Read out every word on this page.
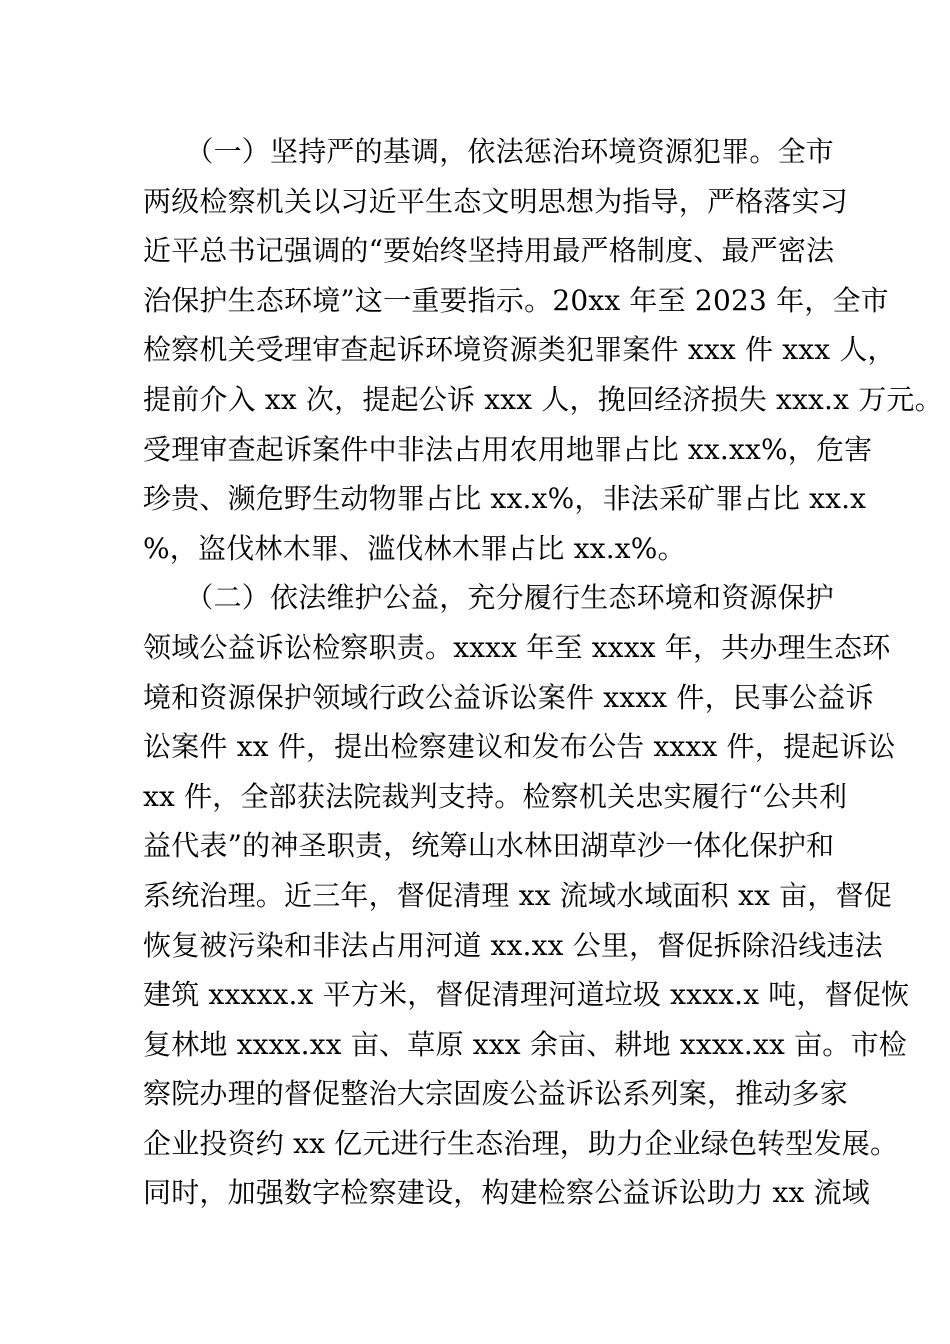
　　（一）坚持严的基调，依法惩治环境资源犯罪。全市
两级检察机关以习近平生态文明思想为指导，严格落实习
近平总书记强调的“要始终坚持用最严格制度、最严密法
治保护生态环境”这一重要指示。20xx 年至 2023 年，全市
检察机关受理审查起诉环境资源类犯罪案件 xxx 件 xxx 人，
提前介入 xx 次，提起公诉 xxx 人，挽回经济损失 xxx.x 万元。
受理审查起诉案件中非法占用农用地罪占比 xx.xx%，危害
珍贵、濒危野生动物罪占比 xx.x%，非法采矿罪占比 xx.x
%，盗伐林木罪、滥伐林木罪占比 xx.x%。
　　（二）依法维护公益，充分履行生态环境和资源保护
领域公益诉讼检察职责。xxxx 年至 xxxx 年，共办理生态环
境和资源保护领域行政公益诉讼案件 xxxx 件，民事公益诉
讼案件 xx 件，提出检察建议和发布公告 xxxx 件，提起诉讼
xx 件，全部获法院裁判支持。检察机关忠实履行“公共利
益代表”的神圣职责，统筹山水林田湖草沙一体化保护和
系统治理。近三年，督促清理 xx 流域水域面积 xx 亩，督促
恢复被污染和非法占用河道 xx.xx 公里，督促拆除沿线违法
建筑 xxxxx.x 平方米，督促清理河道垃圾 xxxx.x 吨，督促恢
复林地 xxxx.xx 亩、草原 xxx 余亩、耕地 xxxx.xx 亩。市检
察院办理的督促整治大宗固废公益诉讼系列案，推动多家
企业投资约 xx 亿元进行生态治理，助力企业绿色转型发展。
同时，加强数字检察建设，构建检察公益诉讼助力 xx 流域
